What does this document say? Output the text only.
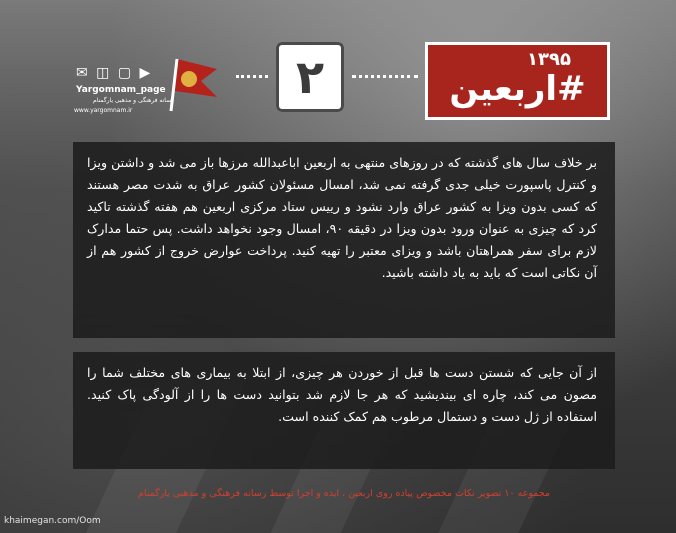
✉ ◫ ▢ ▶
Yargomnam_page
رسانه فرهنگی و مذهبی یارگمنام
www.yargomnam.ir
۲	۱۳۹۵
#اربعین
بر خلاف سال های گذشته که در روزهای منتهی به اربعین اباعبدالله مرزها باز می شد و داشتن ویزا و کنترل پاسپورت خیلی جدی گرفته نمی شد، امسال مسئولان کشور عراق به شدت مصر هستند که کسی بدون ویزا به کشور عراق وارد نشود و رییس ستاد مرکزی اربعین هم هفته گذشته تاکید کرد که چیزی به عنوان ورود بدون ویزا در دقیقه ۹۰، امسال وجود نخواهد داشت. پس حتما مدارک لازم برای سفر همراهتان باشد و ویزای معتبر را تهیه کنید. پرداخت عوارض خروج از کشور هم از آن نکاتی است که باید به یاد داشته باشید.
از آن جایی که شستن دست ها قبل از خوردن هر چیزی، از ابتلا به بیماری های مختلف شما را مصون می کند، چاره ای بیندیشید که هر جا لازم شد بتوانید دست ها را از آلودگی پاک کنید. استفاده از ژل دست و دستمال مرطوب هم کمک کننده است.
مجموعه ۱۰ تصویر نکات مخصوص پیاده روی اربعین ، ایده و اجرا توسط رسانه فرهنگی و مذهبی یارگمنام
khaimegan.com/Oom
